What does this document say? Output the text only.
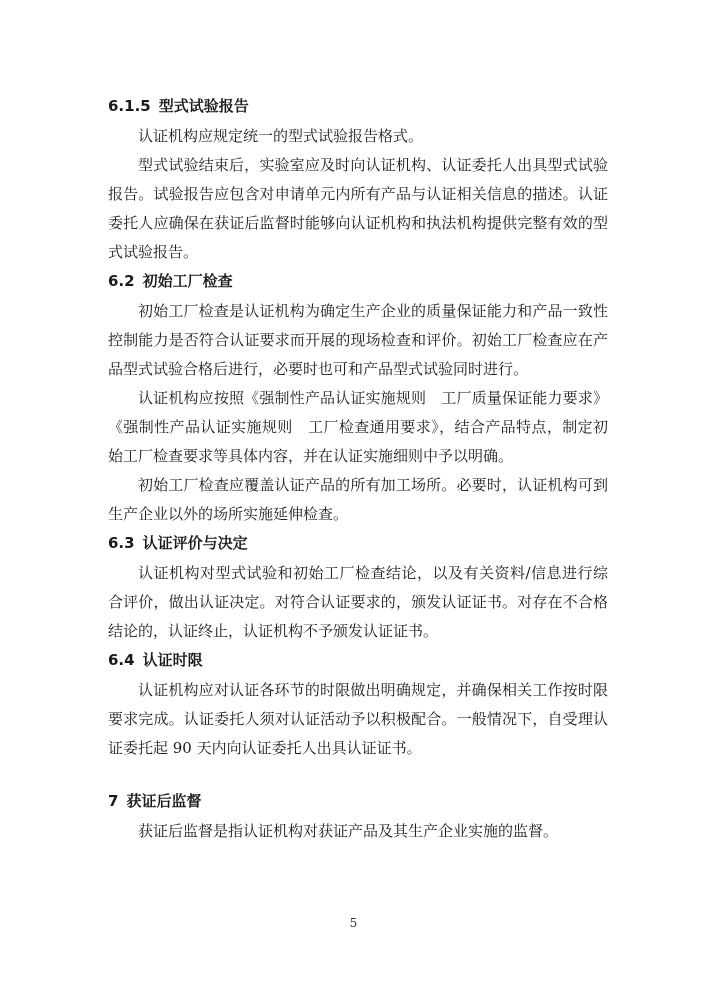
6.1.5 型式试验报告

认证机构应规定统一的型式试验报告格式。

型式试验结束后，实验室应及时向认证机构、认证委托人出具型式试验报告。试验报告应包含对申请单元内所有产品与认证相关信息的描述。认证委托人应确保在获证后监督时能够向认证机构和执法机构提供完整有效的型式试验报告。

6.2 初始工厂检查

初始工厂检查是认证机构为确定生产企业的质量保证能力和产品一致性控制能力是否符合认证要求而开展的现场检查和评价。初始工厂检查应在产品型式试验合格后进行，必要时也可和产品型式试验同时进行。

认证机构应按照《强制性产品认证实施规则　工厂质量保证能力要求》《强制性产品认证实施规则　工厂检查通用要求》，结合产品特点，制定初始工厂检查要求等具体内容，并在认证实施细则中予以明确。

初始工厂检查应覆盖认证产品的所有加工场所。必要时，认证机构可到生产企业以外的场所实施延伸检查。

6.3 认证评价与决定

认证机构对型式试验和初始工厂检查结论，以及有关资料/信息进行综合评价，做出认证决定。对符合认证要求的，颁发认证证书。对存在不合格结论的，认证终止，认证机构不予颁发认证证书。

6.4 认证时限

认证机构应对认证各环节的时限做出明确规定，并确保相关工作按时限要求完成。认证委托人须对认证活动予以积极配合。一般情况下，自受理认证委托起 90 天内向认证委托人出具认证证书。

7 获证后监督

获证后监督是指认证机构对获证产品及其生产企业实施的监督。

5
